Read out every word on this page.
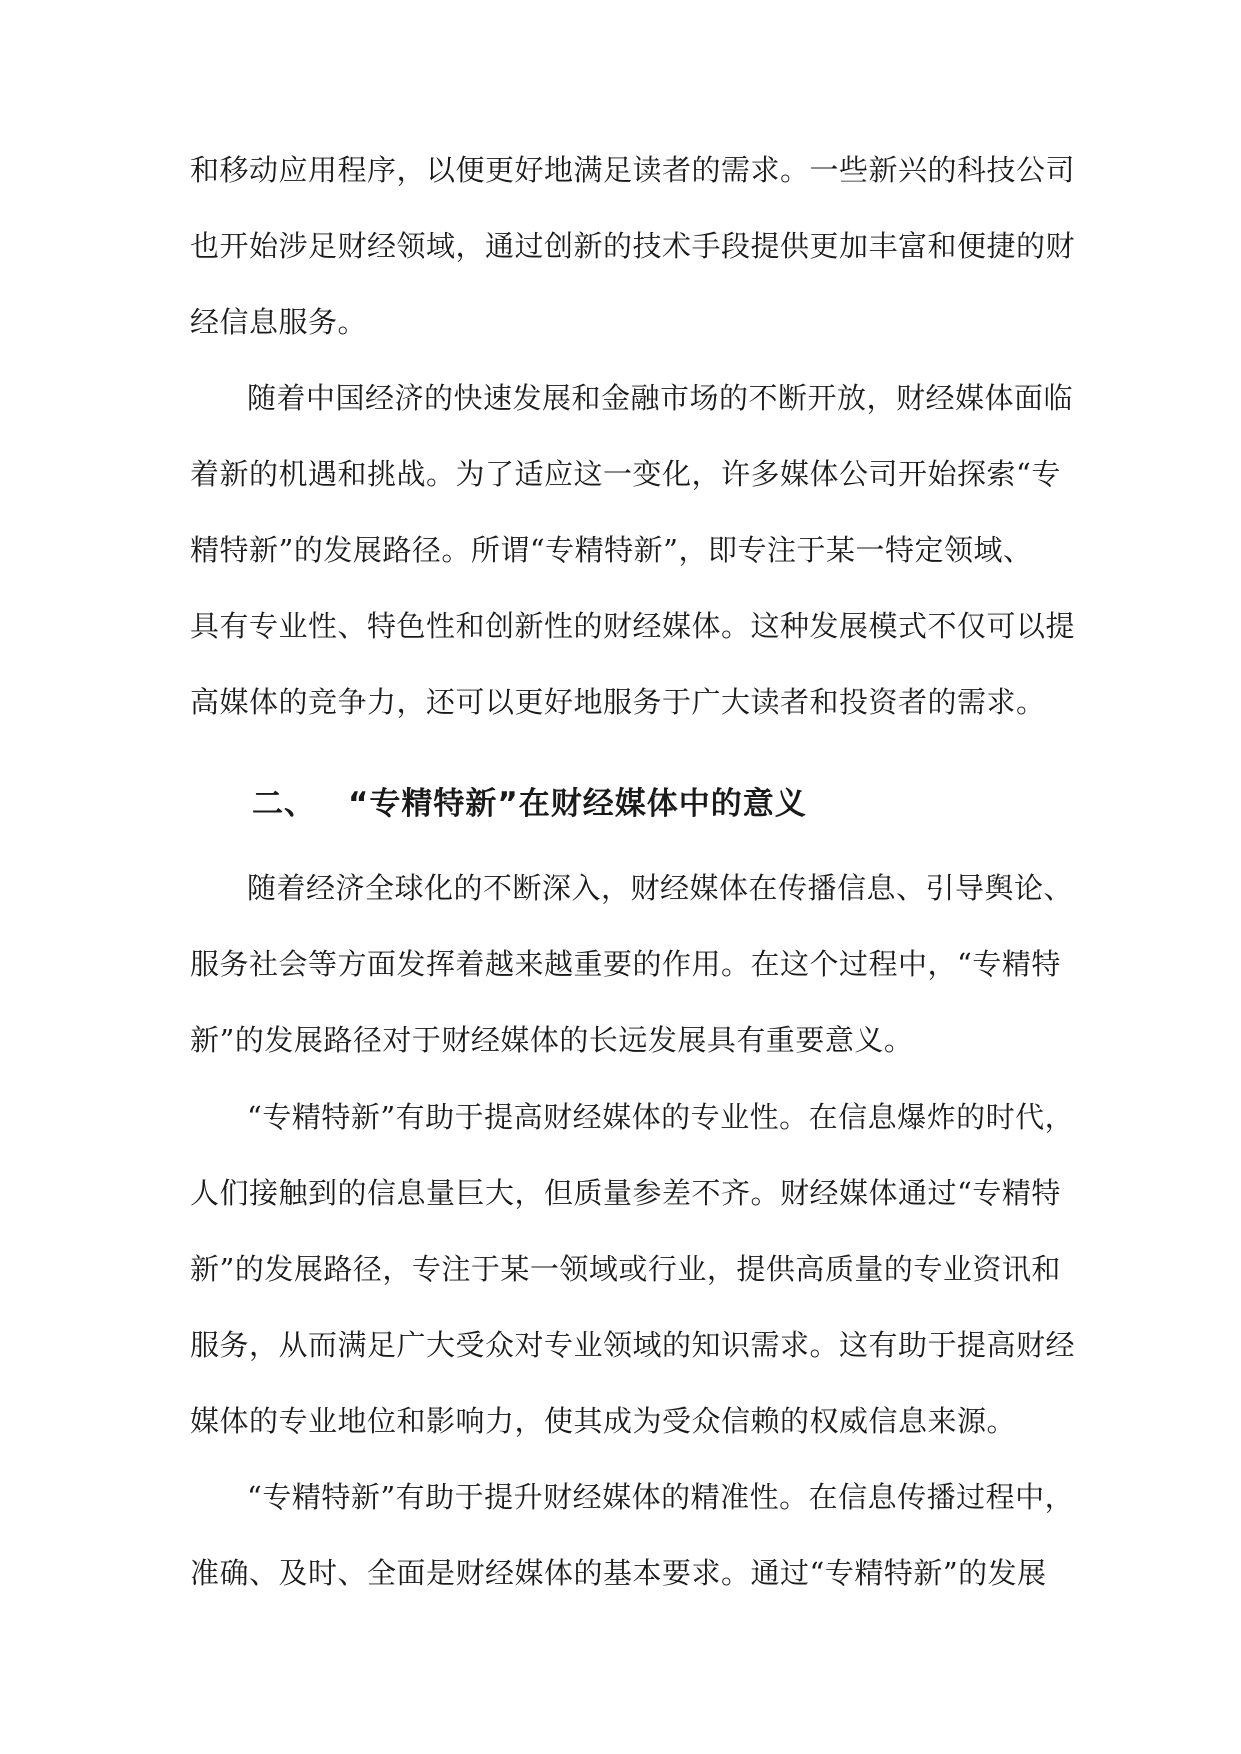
和移动应用程序，以便更好地满足读者的需求。一些新兴的科技公司
也开始涉足财经领域，通过创新的技术手段提供更加丰富和便捷的财
经信息服务。
随着中国经济的快速发展和金融市场的不断开放，财经媒体面临
着新的机遇和挑战。为了适应这一变化，许多媒体公司开始探索“专
精特新”的发展路径。所谓“专精特新”，即专注于某一特定领域、
具有专业性、特色性和创新性的财经媒体。这种发展模式不仅可以提
高媒体的竞争力，还可以更好地服务于广大读者和投资者的需求。
二、 “专精特新”在财经媒体中的意义
随着经济全球化的不断深入，财经媒体在传播信息、引导舆论、
服务社会等方面发挥着越来越重要的作用。在这个过程中，“专精特
新”的发展路径对于财经媒体的长远发展具有重要意义。
“专精特新”有助于提高财经媒体的专业性。在信息爆炸的时代，
人们接触到的信息量巨大，但质量参差不齐。财经媒体通过“专精特
新”的发展路径，专注于某一领域或行业，提供高质量的专业资讯和
服务，从而满足广大受众对专业领域的知识需求。这有助于提高财经
媒体的专业地位和影响力，使其成为受众信赖的权威信息来源。
“专精特新”有助于提升财经媒体的精准性。在信息传播过程中，
准确、及时、全面是财经媒体的基本要求。通过“专精特新”的发展
